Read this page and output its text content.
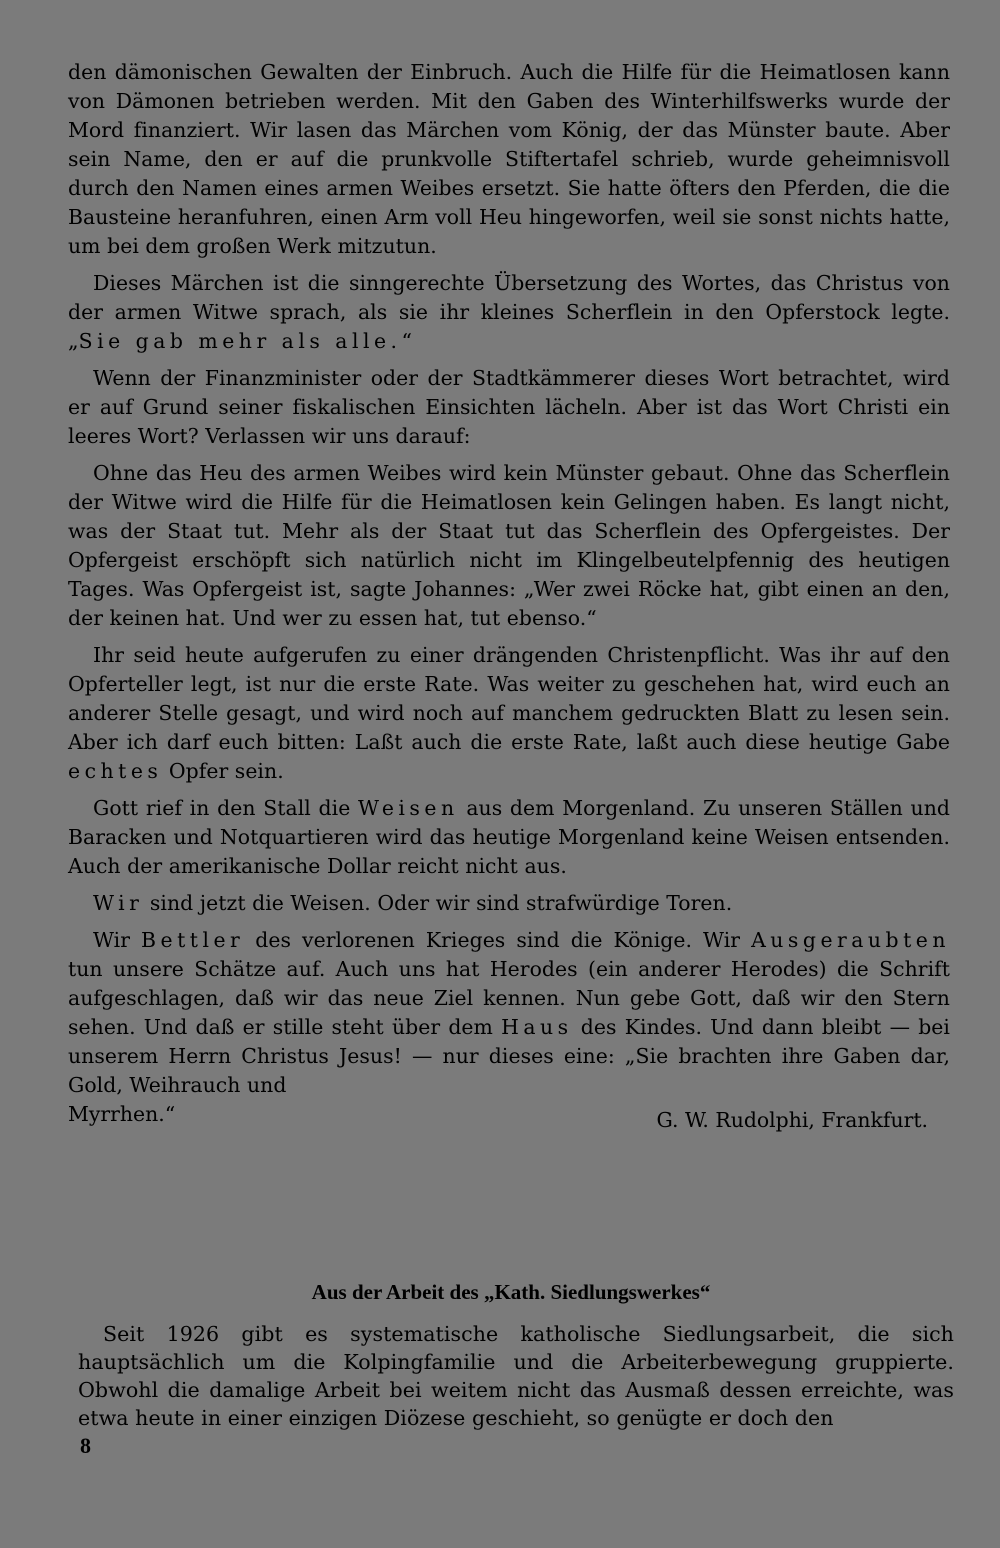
den dämonischen Gewalten der Einbruch. Auch die Hilfe für die Heimatlosen kann von Dämonen betrieben werden. Mit den Gaben des Winterhilfswerks wurde der Mord finanziert. Wir lasen das Märchen vom König, der das Münster baute. Aber sein Name, den er auf die prunkvolle Stiftertafel schrieb, wurde geheimnisvoll durch den Namen eines armen Weibes ersetzt. Sie hatte öfters den Pferden, die die Bausteine heranfuhren, einen Arm voll Heu hingeworfen, weil sie sonst nichts hatte, um bei dem großen Werk mitzutun.

Dieses Märchen ist die sinngerechte Übersetzung des Wortes, das Christus von der armen Witwe sprach, als sie ihr kleines Scherflein in den Opferstock legte. „Sie gab mehr als alle.“

Wenn der Finanzminister oder der Stadtkämmerer dieses Wort betrachtet, wird er auf Grund seiner fiskalischen Einsichten lächeln. Aber ist das Wort Christi ein leeres Wort? Verlassen wir uns darauf:

Ohne das Heu des armen Weibes wird kein Münster gebaut. Ohne das Scherflein der Witwe wird die Hilfe für die Heimatlosen kein Gelingen haben. Es langt nicht, was der Staat tut. Mehr als der Staat tut das Scherflein des Opfergeistes. Der Opfergeist erschöpft sich natürlich nicht im Klingelbeutelpfennig des heutigen Tages. Was Opfergeist ist, sagte Johannes: „Wer zwei Röcke hat, gibt einen an den, der keinen hat. Und wer zu essen hat, tut ebenso.“

Ihr seid heute aufgerufen zu einer drängenden Christenpflicht. Was ihr auf den Opferteller legt, ist nur die erste Rate. Was weiter zu geschehen hat, wird euch an anderer Stelle gesagt, und wird noch auf manchem gedruckten Blatt zu lesen sein. Aber ich darf euch bitten: Laßt auch die erste Rate, laßt auch diese heutige Gabe echtes Opfer sein.

Gott rief in den Stall die Weisen aus dem Morgenland. Zu unseren Ställen und Baracken und Notquartieren wird das heutige Morgenland keine Weisen entsenden. Auch der amerikanische Dollar reicht nicht aus.

Wir sind jetzt die Weisen. Oder wir sind strafwürdige Toren.

Wir Bettler des verlorenen Krieges sind die Könige. Wir Ausgeraubten tun unsere Schätze auf. Auch uns hat Herodes (ein anderer Herodes) die Schrift aufgeschlagen, daß wir das neue Ziel kennen. Nun gebe Gott, daß wir den Stern sehen. Und daß er stille steht über dem Haus des Kindes. Und dann bleibt — bei unserem Herrn Christus Jesus! — nur dieses eine: „Sie brachten ihre Gaben dar, Gold, Weihrauch und

Myrrhen.“	G. W. Rudolphi, Frankfurt.
Aus der Arbeit des „Kath. Siedlungswerkes“

Seit 1926 gibt es systematische katholische Siedlungsarbeit, die sich hauptsächlich um die Kolpingfamilie und die Arbeiterbewegung gruppierte. Obwohl die damalige Arbeit bei weitem nicht das Ausmaß dessen erreichte, was etwa heute in einer einzigen Diözese geschieht, so genügte er doch den

8
